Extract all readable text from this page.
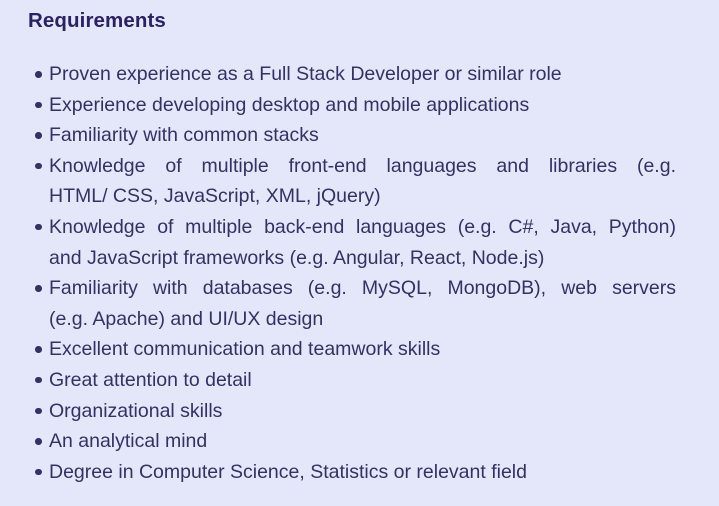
Requirements
Proven experience as a Full Stack Developer or similar role
Experience developing desktop and mobile applications
Familiarity with common stacks
Knowledge of multiple front-end languages and libraries (e.g.
HTML/ CSS, JavaScript, XML, jQuery)
Knowledge of multiple back-end languages (e.g. C#, Java, Python)
and JavaScript frameworks (e.g. Angular, React, Node.js)
Familiarity with databases (e.g. MySQL, MongoDB), web servers
(e.g. Apache) and UI/UX design
Excellent communication and teamwork skills
Great attention to detail
Organizational skills
An analytical mind
Degree in Computer Science, Statistics or relevant field
